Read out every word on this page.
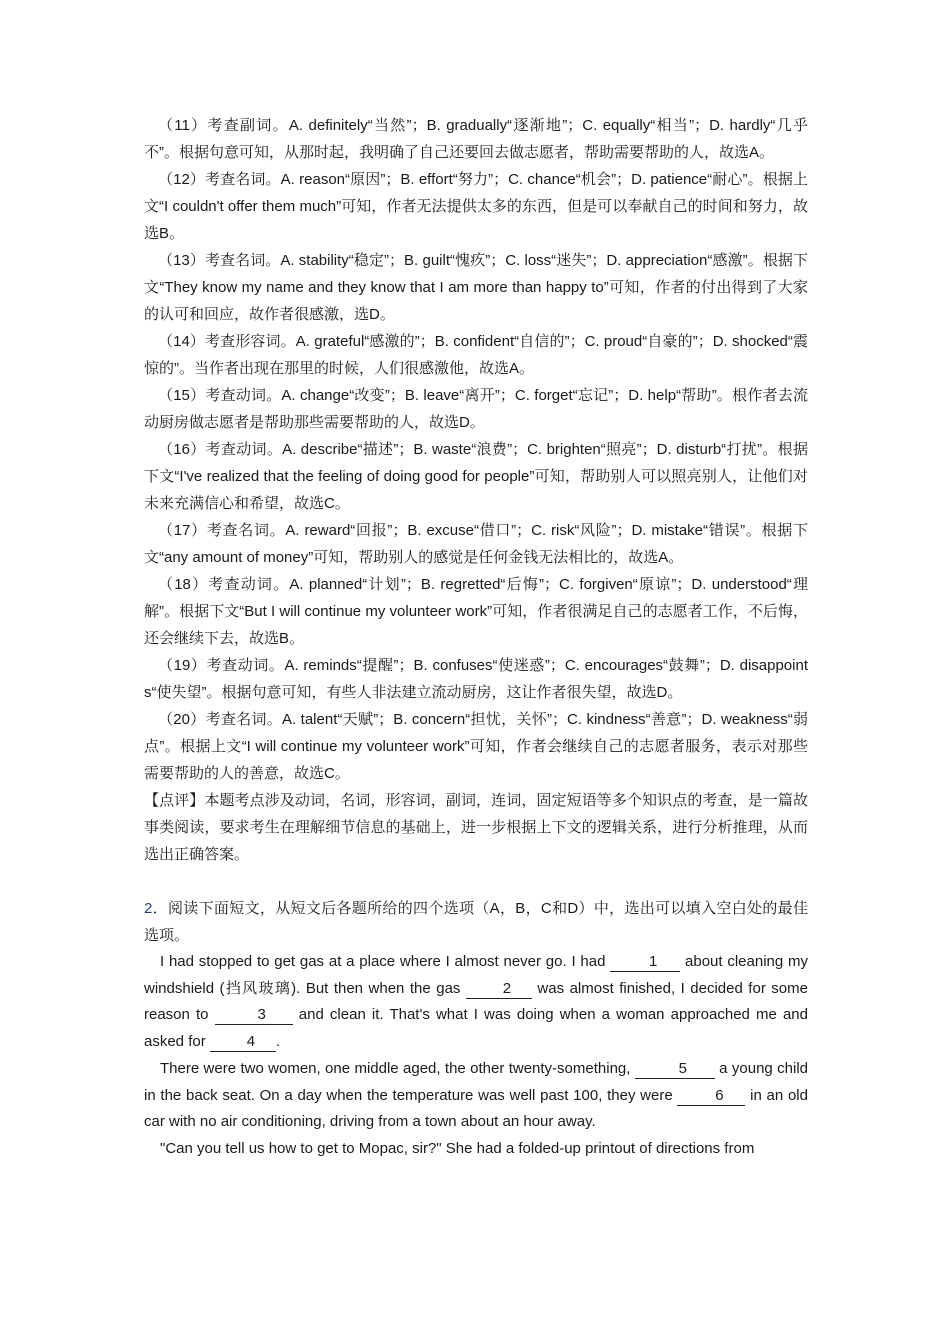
（11）考查副词。A. definitely“当然”；B. gradually“逐渐地”；C. equally“相当”；D. hardly“几乎不”。根据句意可知，从那时起，我明确了自己还要回去做志愿者，帮助需要帮助的人，故选A。

（12）考查名词。A. reason“原因”；B. effort“努力”；C. chance“机会”；D. patience“耐心”。根据上文“I couldn't offer them much”可知，作者无法提供太多的东西，但是可以奉献自己的时间和努力，故选B。

（13）考查名词。A. stability“稳定”；B. guilt“愧疚”；C. loss“迷失”；D. appreciation“感激”。根据下文“They know my name and they know that I am more than happy to”可知，作者的付出得到了大家的认可和回应，故作者很感激，选D。

（14）考查形容词。A. grateful“感激的”；B. confident“自信的”；C. proud“自豪的”；D. shocked“震惊的”。当作者出现在那里的时候，人们很感激他，故选A。

（15）考查动词。A. change“改变”；B. leave“离开”；C. forget“忘记”；D. help“帮助”。根作者去流动厨房做志愿者是帮助那些需要帮助的人，故选D。

（16）考查动词。A. describe“描述”；B. waste“浪费”；C. brighten“照亮”；D. disturb“打扰”。根据下文“I've realized that the feeling of doing good for people”可知，帮助别人可以照亮别人，让他们对未来充满信心和希望，故选C。

（17）考查名词。A. reward“回报”；B. excuse“借口”；C. risk“风险”；D. mistake“错误”。根据下文“any amount of money”可知，帮助别人的感觉是任何金钱无法相比的，故选A。

（18）考查动词。A. planned“计划”；B. regretted“后悔”；C. forgiven“原谅”；D. understood“理解”。根据下文“But I will continue my volunteer work”可知，作者很满足自己的志愿者工作，不后悔，还会继续下去，故选B。

（19）考查动词。A. reminds“提醒”；B. confuses“使迷惑”；C. encourages“鼓舞”；D. disappoints“使失望”。根据句意可知，有些人非法建立流动厨房，这让作者很失望，故选D。

（20）考查名词。A. talent“天赋”；B. concern“担忧，关怀”；C. kindness“善意”；D. weakness“弱点”。根据上文“I will continue my volunteer work”可知，作者会继续自己的志愿者服务，表示对那些需要帮助的人的善意，故选C。

【点评】本题考点涉及动词，名词，形容词，副词，连词，固定短语等多个知识点的考查，是一篇故事类阅读，要求考生在理解细节信息的基础上，进一步根据上下文的逻辑关系，进行分析推理，从而选出正确答案。

2．阅读下面短文，从短文后各题所给的四个选项（A，B，C和D）中，选出可以填入空白处的最佳选项。

I had stopped to get gas at a place where I almost never go. I had	1 about cleaning my windshield (挡风玻璃). But then when the gas 2 was almost finished, I decided for some reason to	3 and clean it. That's what I was doing when a woman approached me and asked for 4 .

There were two women, one middle aged, the other twenty-something,	5 a young child in the back seat. On a day when the temperature was well past 100, they were	6 in an old car with no air conditioning, driving from a town about an hour away.

"Can you tell us how to get to Mopac, sir?" She had a folded-up printout of directions from
